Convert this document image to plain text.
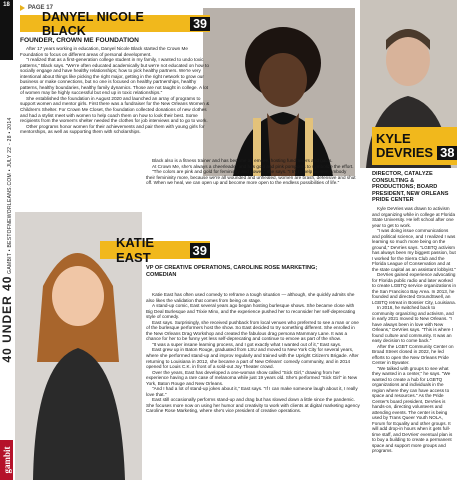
18
40 UNDER 40 GAMBIT • BESTOFNEWORLEANS.COM • JULY 22 - 28 • 2014
gambit
PAGE 17
DANYEL NICOLE BLACK	39
FOUNDER, CROWN ME FOUNDATION

After 17 years working in education, Danyel Nicole Black started the Crown Me Foundation to focus on different areas of personal development.

"I realized that as a first-generation college student in my family, I wanted to undo toxic patterns," Black says. "We're often educated academically but we're not educated on how to socially engage and have healthy relationships; how to pick healthy partners. We're very intentional about things like picking the right major, getting in the right network to grow our business or make connections, but no one is focused on healthy partnerships, healthy patterns, healthy boundaries, healthy family dynamics. Those are not taught in college. A lot of women may be highly successful but end up in toxic relationships."

She established the foundation in August 2020 and launched an array of programs to support women and mentor girls. First there was a fundraiser for the New Orleans Women & Children's Shelter. For Crown Me Closet, the foundation collected donations of new clothes and had a stylist meet with women to help coach them on how to look their best. Some recipients from the women's shelter needed the clothes for job interviews and to go to work.

Other programs honor women for their achievements and pair them with young girls for mentorships, as well as supporting them with scholarships.

Black also is a fitness trainer and has become an emcee, hosting fundraisers and galas.

At Crown Me, she's always a cheerleader and has gold and pink pompoms to symbolize the effort.

"The colors are pink and gold for femininity and power," she says. "I try to help women embody their femininity more, because we're all wounded and unhealed, women are brash, defensive and shut off. When we heal, we can open up and become more open to the endless possibilities of life."

KYLE
DEVRIES 38
DIRECTOR, CATALYZE CONSULTING & PRODUCTIONS; BOARD PRESIDENT, NEW ORLEANS PRIDE CENTER

Kyle DeVries was drawn to activism and organizing while in college at Florida State University. He left school after one year to get to work.

"I was doing issue communications and political science, and I realized I was learning so much more being on the ground," DeVries says. "LGBTQ activism has always been my biggest passion, but I worked for the Sierra Club and the Florida League of Conservation and at the state capital as an assistant lobbyist."

DeVries gained experience advocating for Florida public radio and later worked to create LGBTQ service organizations in the San Francisco Bay Area. In 2013, he founded and directed GroundSwell, an LGBTQ retreat in Bossier City, Louisiana.

In 2016, he switched back to community organizing and activism, and in early 2021 moved to New Orleans. "I have always been in love with New Orleans," DeVries says. "This is where I found culture and community. It was an easy decision to come back."

After the LGBT Community Center on Broad Street closed in 2022, he led efforts to open the New Orleans Pride Center in Bywater.

"We talked with groups to see what they wanted in a center," he says. "We wanted to create a hub for LGBTQ organizations and individuals in the region where they can have access to space and resources." As the Pride Center's board president, DeVries is hands-on, directing volunteers and attending events. The center is being used by Trans Queer Youth NOLA, Forum for Equality and other groups. It will add drop-in hours when it gets full-time staff, and DeVries' eventual plan is to buy a building to create a permanent space and support more groups and programs.

KATIE EAST	39
VP OF CREATIVE OPERATIONS, CAROLINE ROSE MARKETING;
COMEDIAN

Katie East has often used comedy to reframe a tough situation — although, she quickly admits she also likes the validation that comes from being on stage.

A stand-up comic, East several years ago began hosting burlesque shows. She became close with Big Deal Burlesque and Trixie Minx, and the experience pushed her to reconsider her self-deprecating style of comedy.

East says. Surprisingly, she received pushback from local venues who preferred to see a man or one of the burlesque performers host the show. So East decided to try something different. She enrolled in the New Orleans Drag Workshop and created the fabulous drag persona Mammary Lane. It was a chance for her to be funny yet less self-deprecating and continue to emcee as part of the show.

"It was a super insane learning process, and I got exactly what I wanted out of it," East says.

East grew up in Baton Rouge, graduated from LSU and moved to New York City for several years, where she performed stand-up and improv regularly and trained with the Upright Citizen's Brigade. After returning to Louisiana in 2012, she became a part of New Orleans' comedy community, and in 2014 opened for Louis C.K. in front of a sold-out Joy Theater crowd.

Over the years, East has developed a one-woman show called "Sick Girl," drawing from her experience having a rare case of melanoma while just 19 years old. She's performed "Sick Girl" in New York, Baton Rouge and New Orleans.

"And I had a lot of stand-up jokes about it," East says. "If I can make someone laugh about it, I really love that."

East still occasionally performs stand-up and drag but has slowed down a little since the pandemic. She focuses more now on using her humor and creativity to work with clients at digital marketing agency Caroline Rose Marketing, where she's vice president of creative operations.
